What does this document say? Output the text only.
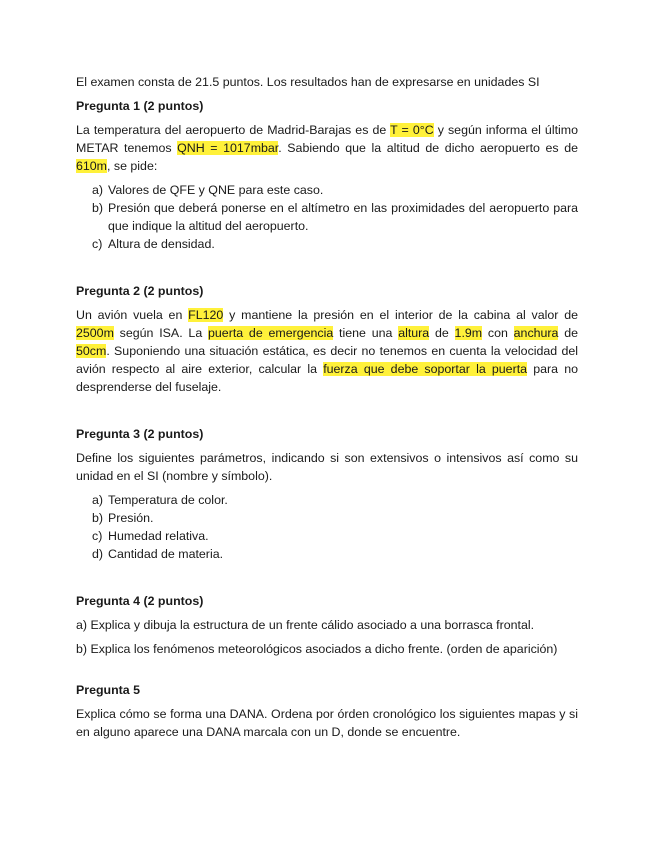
El examen consta de 21.5 puntos. Los resultados han de expresarse en unidades SI

Pregunta 1 (2 puntos)

La temperatura del aeropuerto de Madrid-Barajas es de T = 0°C y según informa el último METAR tenemos QNH = 1017mbar. Sabiendo que la altitud de dicho aeropuerto es de 610m, se pide:

a) Valores de QFE y QNE para este caso.
b) Presión que deberá ponerse en el altímetro en las proximidades del aeropuerto para que indique la altitud del aeropuerto.
c) Altura de densidad.
Pregunta 2 (2 puntos)

Un avión vuela en FL120 y mantiene la presión en el interior de la cabina al valor de 2500m según ISA. La puerta de emergencia tiene una altura de 1.9m con anchura de 50cm. Suponiendo una situación estática, es decir no tenemos en cuenta la velocidad del avión respecto al aire exterior, calcular la fuerza que debe soportar la puerta para no desprenderse del fuselaje.

Pregunta 3 (2 puntos)

Define los siguientes parámetros, indicando si son extensivos o intensivos así como su unidad en el SI (nombre y símbolo).

a) Temperatura de color.
b) Presión.
c) Humedad relativa.
d) Cantidad de materia.
Pregunta 4 (2 puntos)

a) Explica y dibuja la estructura de un frente cálido asociado a una borrasca frontal.

b) Explica los fenómenos meteorológicos asociados a dicho frente. (orden de aparición)

Pregunta 5

Explica cómo se forma una DANA. Ordena por órden cronológico los siguientes mapas y si en alguno aparece una DANA marcala con un D, donde se encuentre.
